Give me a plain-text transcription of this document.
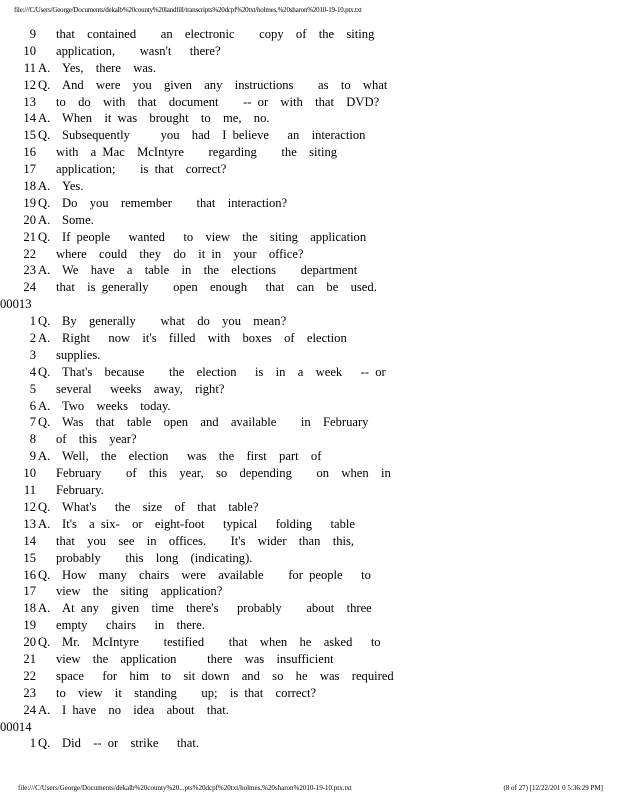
file:///C/Users/George/Documents/dekalb%20county%20landfill/transcripts%20dcpf%20txt/holmes,%20sharon%2010-19-10.ptx.txt
9 that  contained    an  electronic    copy  of  the  siting
10 application,    wasn't   there?
11 A. Yes,  there  was.
12 Q. And  were  you  given  any  instructions    as  to  what
13 to  do  with  that  document    -- or  with  that  DVD?
14 A. When  it was  brought  to  me,  no.
15 Q. Subsequently     you  had  I believe   an  interaction
16 with  a Mac  McIntyre    regarding    the  siting
17 application;    is that  correct?
18 A. Yes.
19 Q. Do  you  remember    that  interaction?
20 A. Some.
21 Q. If people   wanted   to  view  the  siting  application
22 where  could  they  do  it in  your  office?
23 A. We  have  a  table  in  the  elections    department
24 that  is generally    open  enough   that  can  be  used.
00013
1 Q. By  generally    what  do  you  mean?
2 A. Right   now  it's  filled  with  boxes  of  election
3 supplies.
4 Q. That's  because    the  election   is  in  a  week   -- or
5 several   weeks  away,  right?
6 A. Two  weeks  today.
7 Q. Was  that  table  open  and  available    in  February
8 of  this  year?
9 A. Well,  the  election   was  the  first  part  of
10 February    of  this  year,  so  depending    on  when  in
11 February.
12 Q. What's   the  size  of  that  table?
13 A. It's  a six-  or  eight-foot   typical   folding   table
14 that  you  see  in  offices.    It's  wider  than  this,
15 probably    this  long  (indicating).
16 Q. How  many  chairs  were  available    for people   to
17 view  the  siting  application?
18 A. At any  given  time  there's   probably    about  three
19 empty   chairs   in  there.
20 Q. Mr.  McIntyre    testified    that  when  he  asked   to
21 view  the  application     there  was  insufficient
22 space   for  him  to  sit down  and  so  he  was  required
23 to  view  it  standing    up;  is that  correct?
24 A. I have  no  idea  about  that.
00014
1 Q. Did  -- or  strike   that.
file:///C/Users/George/Documents/dekalb%20county%20...pts%20dcpf%20txt/holmes,%20sharon%2010-19-10.ptx.txt	(8 of 27) [12/22/201 0 5:36:29 PM]
